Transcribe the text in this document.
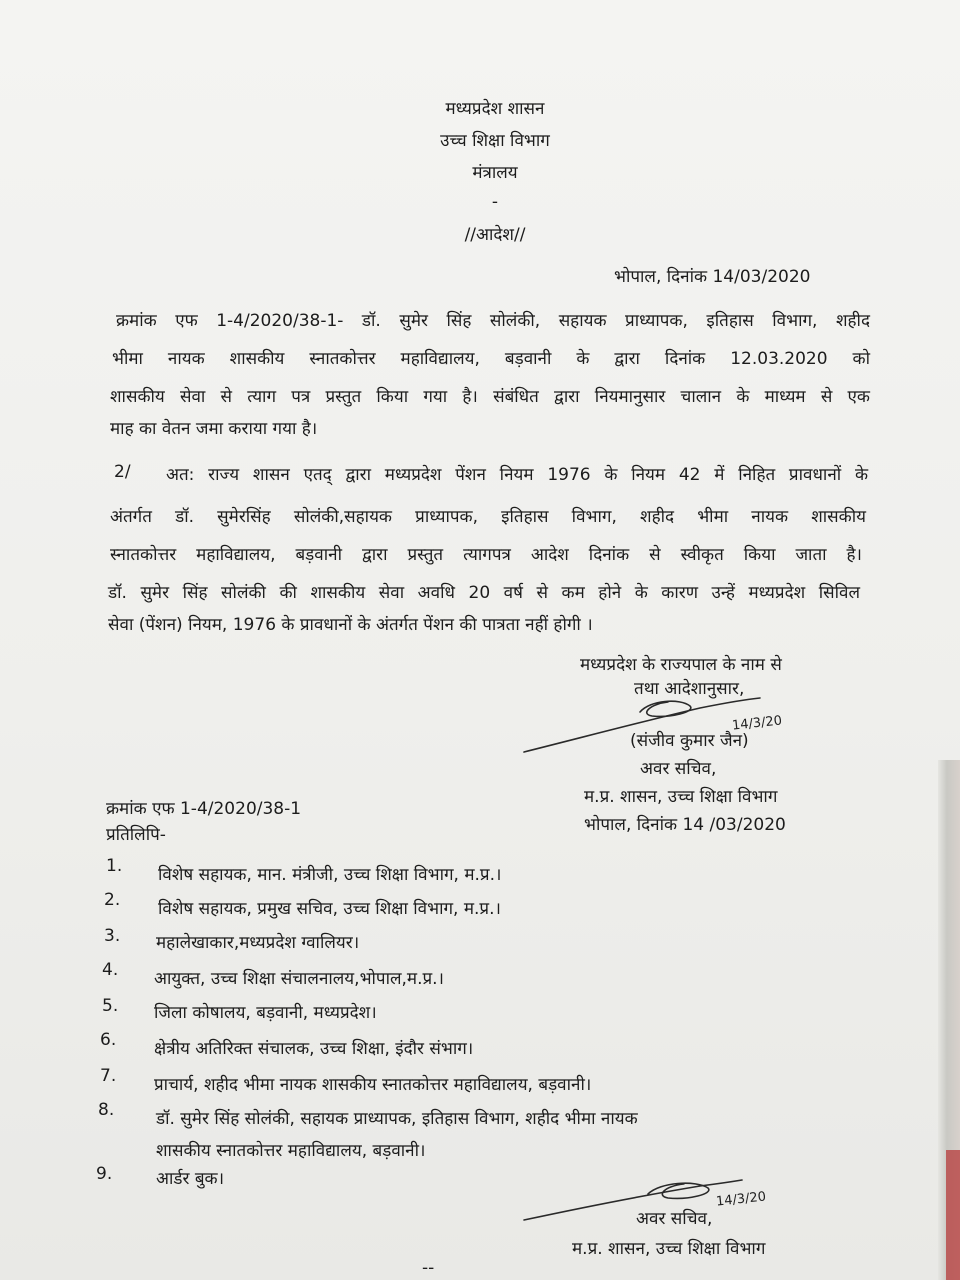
मध्यप्रदेश शासन
उच्च शिक्षा विभाग
मंत्रालय
-
//आदेश//
भोपाल, दिनांक 14/03/2020
क्रमांक एफ 1-4/2020/38-1- डॉ. सुमेर सिंह सोलंकी, सहायक प्राध्यापक, इतिहास विभाग, शहीद
भीमा नायक शासकीय स्नातकोत्तर महाविद्यालय, बड़वानी के द्वारा दिनांक 12.03.2020 को
शासकीय सेवा से त्याग पत्र प्रस्तुत किया गया है। संबंधित द्वारा नियमानुसार चालान के माध्यम से एक
माह का वेतन जमा कराया गया है।
2/ अत: राज्य शासन एतद् द्वारा मध्यप्रदेश पेंशन नियम 1976 के नियम 42 में निहित प्रावधानों के
अंतर्गत डॉ. सुमेरसिंह सोलंकी,सहायक प्राध्यापक, इतिहास विभाग, शहीद भीमा नायक शासकीय
स्नातकोत्तर महाविद्यालय, बड़वानी द्वारा प्रस्तुत त्यागपत्र आदेश दिनांक से स्वीकृत किया जाता है।
डॉ. सुमेर सिंह सोलंकी की शासकीय सेवा अवधि 20 वर्ष से कम होने के कारण उन्हें मध्यप्रदेश सिविल
सेवा (पेंशन) नियम, 1976 के प्रावधानों के अंतर्गत पेंशन की पात्रता नहीं होगी ।
मध्यप्रदेश के राज्यपाल के नाम से
तथा आदेशानुसार,
14/3/20
(संजीव कुमार जैन)
अवर सचिव,
म.प्र. शासन, उच्च शिक्षा विभाग
भोपाल, दिनांक 14 /03/2020
क्रमांक एफ 1-4/2020/38-1
प्रतिलिपि-
1. विशेष सहायक, मान. मंत्रीजी, उच्च शिक्षा विभाग, म.प्र.।
2. विशेष सहायक, प्रमुख सचिव, उच्च शिक्षा विभाग, म.प्र.।
3. महालेखाकार,मध्यप्रदेश ग्वालियर।
4. आयुक्त, उच्च शिक्षा संचालनालय,भोपाल,म.प्र.।
5. जिला कोषालय, बड़वानी, मध्यप्रदेश।
6. क्षेत्रीय अतिरिक्त संचालक, उच्च शिक्षा, इंदौर संभाग।
7. प्राचार्य, शहीद भीमा नायक शासकीय स्नातकोत्तर महाविद्यालय, बड़वानी।
8. डॉ. सुमेर सिंह सोलंकी, सहायक प्राध्यापक, इतिहास विभाग, शहीद भीमा नायक
शासकीय स्नातकोत्तर महाविद्यालय, बड़वानी।
9.	आर्डर बुक।
14/3/20
अवर सचिव,
म.प्र. शासन, उच्च शिक्षा विभाग
--
